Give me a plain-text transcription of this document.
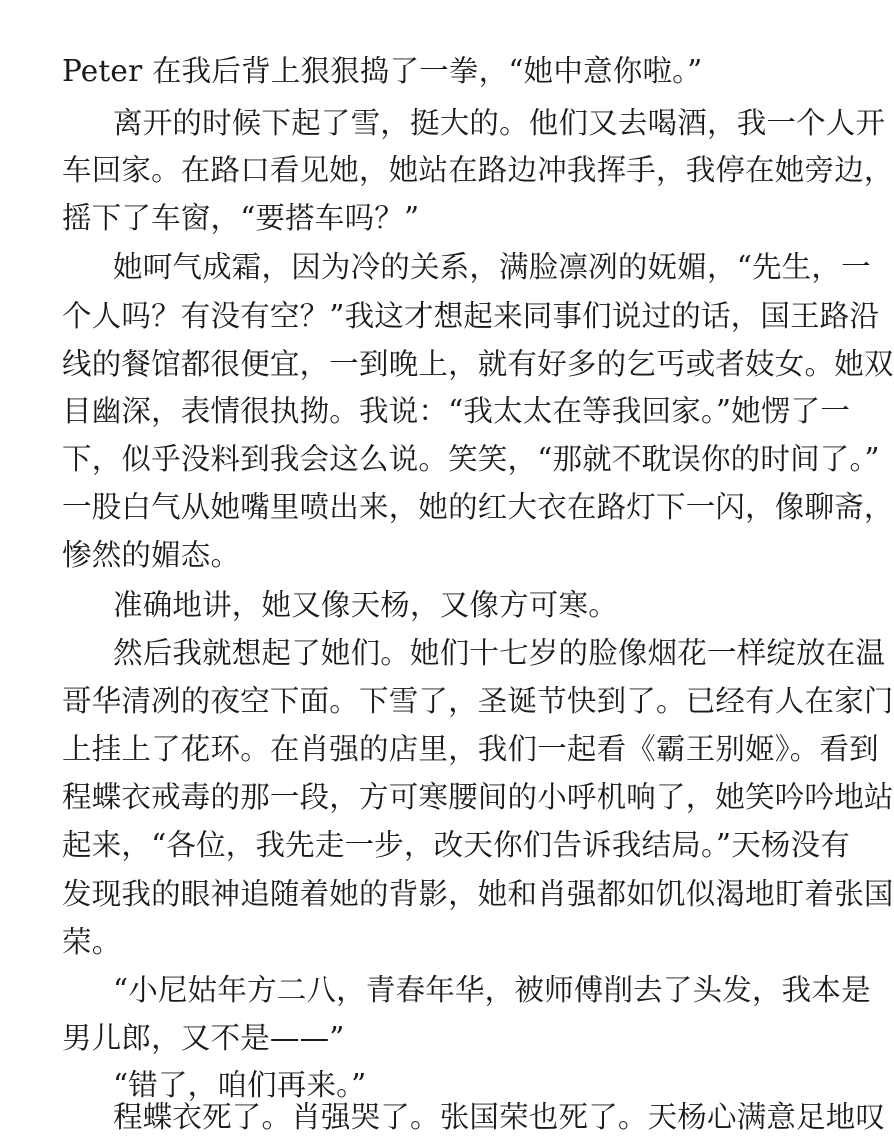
Peter 在我后背上狠狠捣了一拳，“她中意你啦。”
离开的时候下起了雪，挺大的。他们又去喝酒，我一个人开
车回家。在路口看见她，她站在路边冲我挥手，我停在她旁边，
摇下了车窗，“要搭车吗？”
她呵气成霜，因为冷的关系，满脸凛冽的妩媚，“先生，一
个人吗？有没有空？”我这才想起来同事们说过的话，国王路沿
线的餐馆都很便宜，一到晚上，就有好多的乞丐或者妓女。她双
目幽深，表情很执拗。我说：“我太太在等我回家。”她愣了一
下，似乎没料到我会这么说。笑笑，“那就不耽误你的时间了。”
一股白气从她嘴里喷出来，她的红大衣在路灯下一闪，像聊斋，
惨然的媚态。
准确地讲，她又像天杨，又像方可寒。
然后我就想起了她们。她们十七岁的脸像烟花一样绽放在温
哥华清冽的夜空下面。下雪了，圣诞节快到了。已经有人在家门
上挂上了花环。在肖强的店里，我们一起看《霸王别姬》。看到
程蝶衣戒毒的那一段，方可寒腰间的小呼机响了，她笑吟吟地站
起来，“各位，我先走一步，改天你们告诉我结局。”天杨没有
发现我的眼神追随着她的背影，她和肖强都如饥似渴地盯着张国
荣。
“小尼姑年方二八，青春年华，被师傅削去了头发，我本是
男儿郎，又不是——”
“错了，咱们再来。”
程蝶衣死了。肖强哭了。张国荣也死了。天杨心满意足地叹
